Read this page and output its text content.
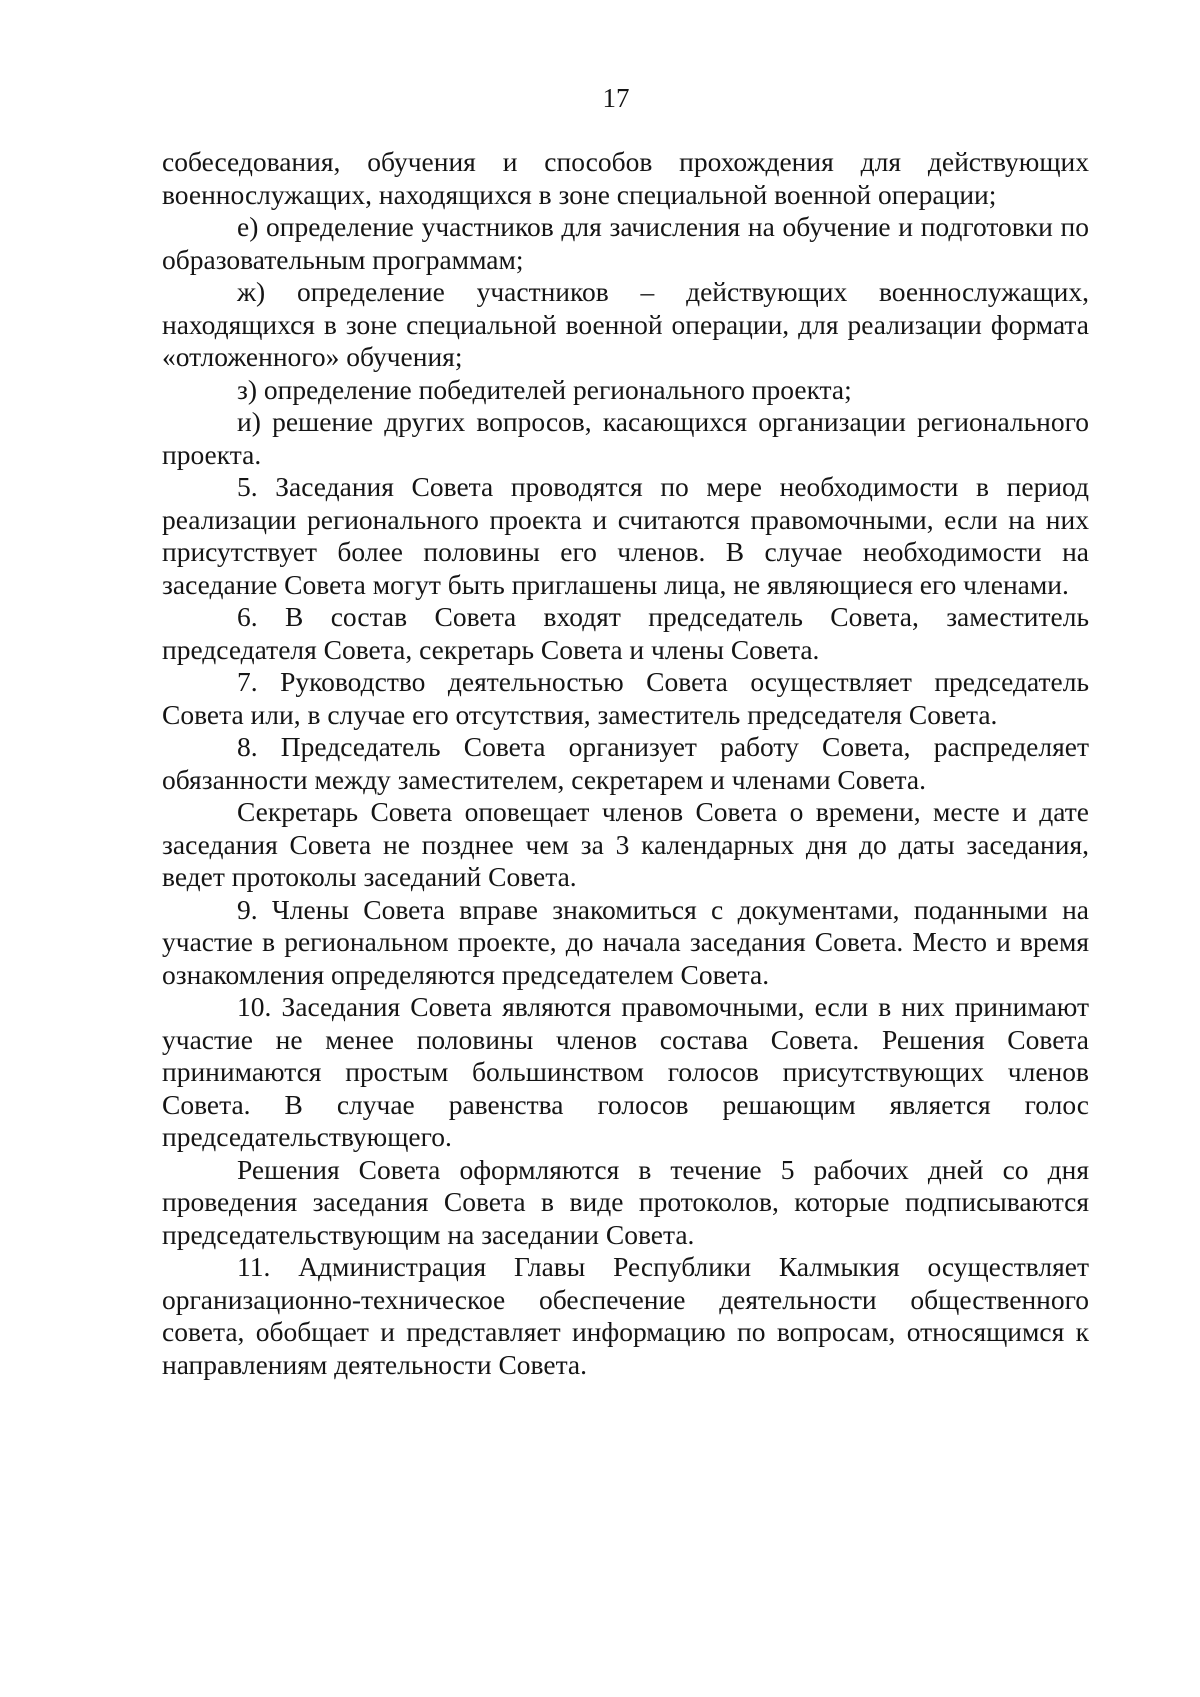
17

собеседования, обучения и способов прохождения для действующих военнослужащих, находящихся в зоне специальной военной операции;

е) определение участников для зачисления на обучение и подготовки по образовательным программам;

ж) определение участников – действующих военнослужащих, находящихся в зоне специальной военной операции, для реализации формата «отложенного» обучения;

з) определение победителей регионального проекта;

и) решение других вопросов, касающихся организации регионального проекта.

5. Заседания Совета проводятся по мере необходимости в период реализации регионального проекта и считаются правомочными, если на них присутствует более половины его членов. В случае необходимости на заседание Совета могут быть приглашены лица, не являющиеся его членами.

6. В состав Совета входят председатель Совета, заместитель председателя Совета, секретарь Совета и члены Совета.

7. Руководство деятельностью Совета осуществляет председатель Совета или, в случае его отсутствия, заместитель председателя Совета.

8. Председатель Совета организует работу Совета, распределяет обязанности между заместителем, секретарем и членами Совета.

Секретарь Совета оповещает членов Совета о времени, месте и дате заседания Совета не позднее чем за 3 календарных дня до даты заседания, ведет протоколы заседаний Совета.

9. Члены Совета вправе знакомиться с документами, поданными на участие в региональном проекте, до начала заседания Совета. Место и время ознакомления определяются председателем Совета.

10. Заседания Совета являются правомочными, если в них принимают участие не менее половины членов состава Совета. Решения Совета принимаются простым большинством голосов присутствующих членов Совета. В случае равенства голосов решающим является голос председательствующего.

Решения Совета оформляются в течение 5 рабочих дней со дня проведения заседания Совета в виде протоколов, которые подписываются председательствующим на заседании Совета.

11. Администрация Главы Республики Калмыкия осуществляет организационно-техническое обеспечение деятельности общественного совета, обобщает и представляет информацию по вопросам, относящимся к направлениям деятельности Совета.
